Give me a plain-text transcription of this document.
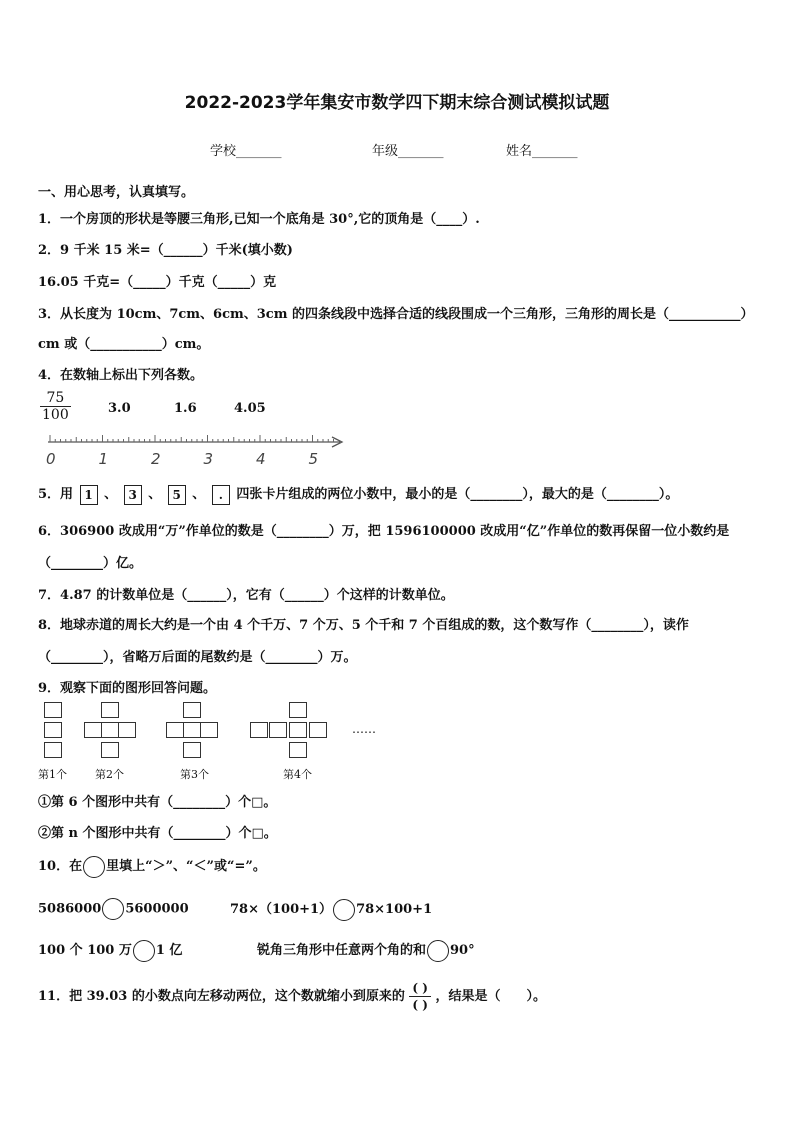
2022-2023学年集安市数学四下期末综合测试模拟试题
学校_______	年级_______	姓名_______
一、用心思考，认真填写。
1．一个房顶的形状是等腰三角形,已知一个底角是 30°,它的顶角是（____）.
2．9 千米 15 米=（______）千米(填小数)
16.05 千克=（_____）千克（_____）克
3．从长度为 10cm、7cm、6cm、3cm 的四条线段中选择合适的线段围成一个三角形，三角形的周长是（___________）
cm 或（___________）cm。
4．在数轴上标出下列各数。
$\frac{75}{100}$	3.0	1.6	4.05
0	1	2	3	4	5
5．用 1 、 3 、 5 、 . 四张卡片组成的两位小数中，最小的是（________），最大的是（________）。
6．306900 改成用“万”作单位的数是（________）万，把 1596100000 改成用“亿”作单位的数再保留一位小数约是
（________）亿。
7．4.87 的计数单位是（______），它有（______）个这样的计数单位。
8．地球赤道的周长大约是一个由 4 个千万、7 个万、5 个千和 7 个百组成的数，这个数写作（________），读作
（________），省略万后面的尾数约是（________）万。
9．观察下面的图形回答问题。
……
第1个	第2个	第3个	第4个
①第 6 个图形中共有（________）个□。
②第 n 个图形中共有（________）个□。
10．在 里填上“＞”、“＜”或“=”。
5086000 5600000	78×（100+1） 78×100+1
100 个 100 万 1 亿	锐角三角形中任意两个角的和 90°
11．把 39.03 的小数点向左移动两位，这个数就缩小到原来的 $\frac{( )}{( )}$ ，结果是（　　）。
